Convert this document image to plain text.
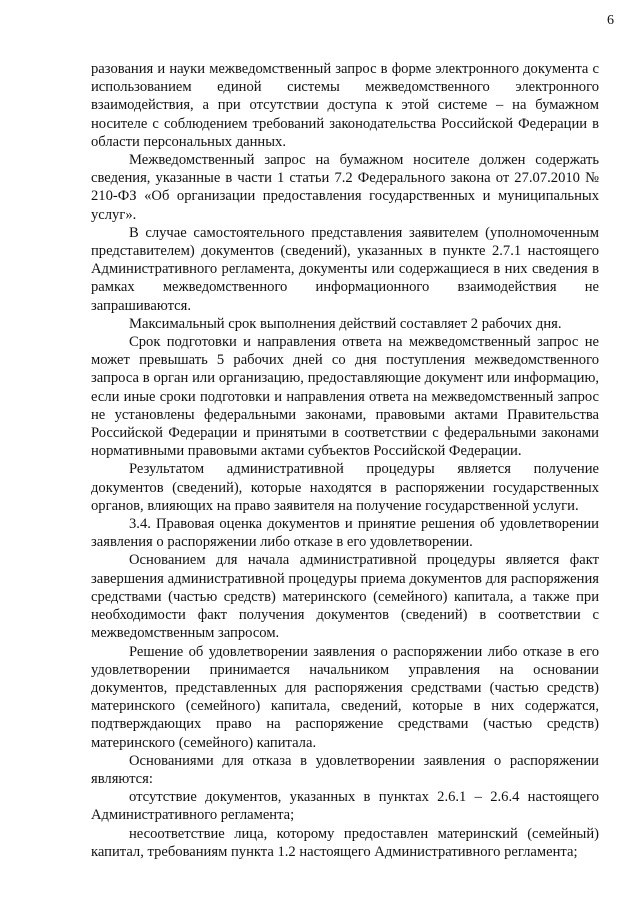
6

разования и науки межведомственный запрос в форме электронного документа с использованием единой системы межведомственного электронного взаимодействия, а при отсутствии доступа к этой системе – на бумажном носителе с соблюдением требований законодательства Российской Федерации в области персональных данных.

Межведомственный запрос на бумажном носителе должен содержать сведения, указанные в части 1 статьи 7.2 Федерального закона от 27.07.2010 № 210-ФЗ «Об организации предоставления государственных и муниципальных услуг».

В случае самостоятельного представления заявителем (уполномоченным представителем) документов (сведений), указанных в пункте 2.7.1 настоящего Административного регламента, документы или содержащиеся в них сведения в рамках межведомственного информационного взаимодействия не запрашиваются.

Максимальный срок выполнения действий составляет 2 рабочих дня.

Срок подготовки и направления ответа на межведомственный запрос не может превышать 5 рабочих дней со дня поступления межведомственного запроса в орган или организацию, предоставляющие документ или информацию, если иные сроки подготовки и направления ответа на межведомственный запрос не установлены федеральными законами, правовыми актами Правительства Российской Федерации и принятыми в соответствии с федеральными законами нормативными правовыми актами субъектов Российской Федерации.

Результатом административной процедуры является получение документов (сведений), которые находятся в распоряжении государственных органов, влияющих на право заявителя на получение государственной услуги.

3.4. Правовая оценка документов и принятие решения об удовлетворении заявления о распоряжении либо отказе в его удовлетворении.

Основанием для начала административной процедуры является факт завершения административной процедуры приема документов для распоряжения средствами (частью средств) материнского (семейного) капитала, а также при необходимости факт получения документов (сведений) в соответствии с межведомственным запросом.

Решение об удовлетворении заявления о распоряжении либо отказе в его удовлетворении принимается начальником управления на основании документов, представленных для распоряжения средствами (частью средств) материнского (семейного) капитала, сведений, которые в них содержатся, подтверждающих право на распоряжение средствами (частью средств) материнского (семейного) капитала.

Основаниями для отказа в удовлетворении заявления о распоряжении являются:

отсутствие документов, указанных в пунктах 2.6.1 – 2.6.4 настоящего Административного регламента;

несоответствие лица, которому предоставлен материнский (семейный) капитал, требованиям пункта 1.2 настоящего Административного регламента;
